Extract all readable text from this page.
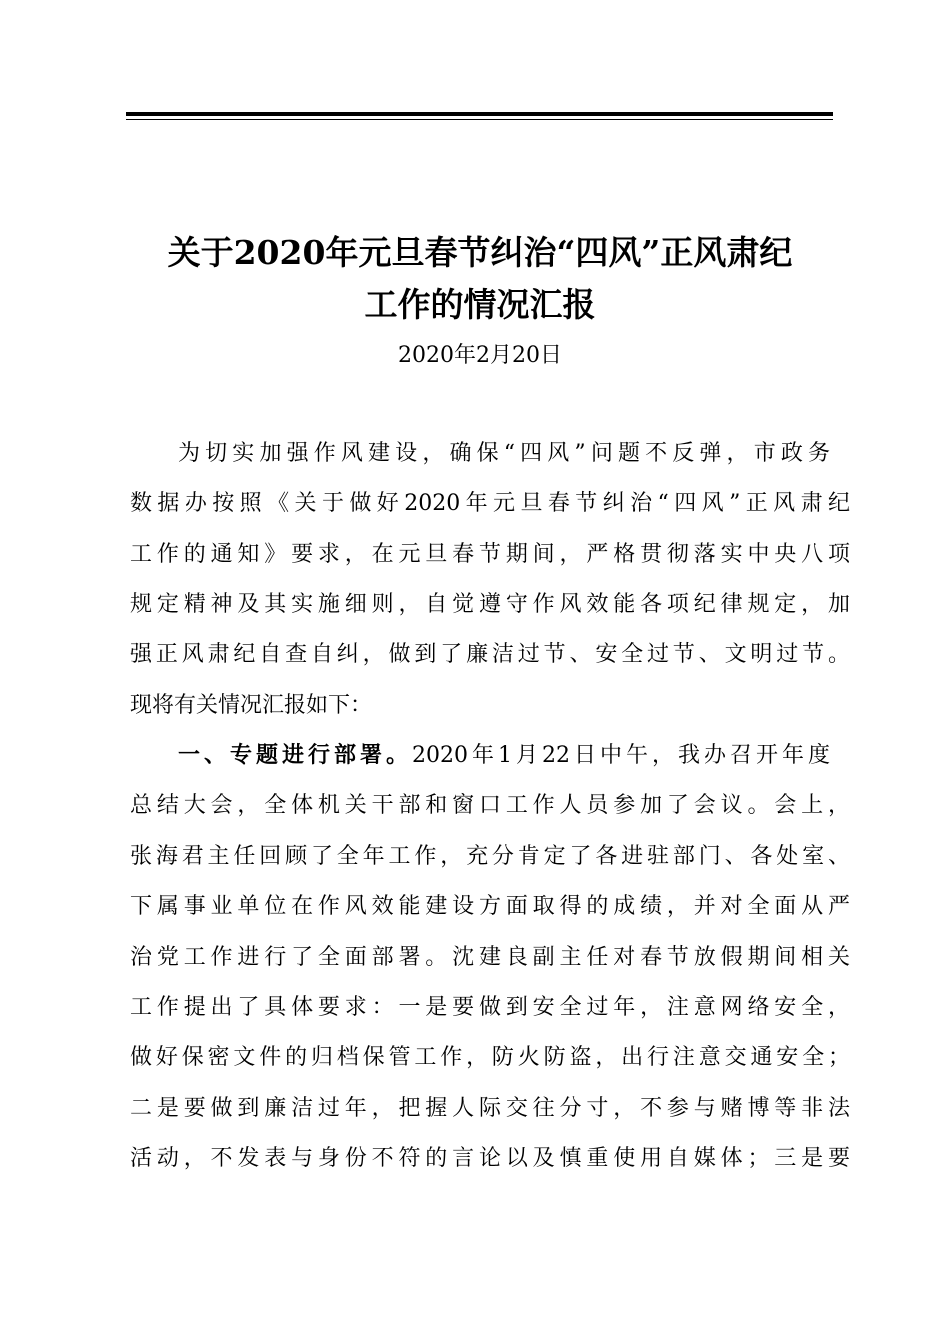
关于2020年元旦春节纠治“四风”正风肃纪
工作的情况汇报
2020年2月20日
为切实加强作风建设，确保“四风”问题不反弹，市政务
数据办按照《关于做好2020年元旦春节纠治“四风”正风肃纪
工作的通知》要求，在元旦春节期间，严格贯彻落实中央八项
规定精神及其实施细则，自觉遵守作风效能各项纪律规定，加
强正风肃纪自查自纠，做到了廉洁过节、安全过节、文明过节。
现将有关情况汇报如下：
一、专题进行部署。2020年1月22日中午，我办召开年度
总结大会，全体机关干部和窗口工作人员参加了会议。会上，
张海君主任回顾了全年工作，充分肯定了各进驻部门、各处室、
下属事业单位在作风效能建设方面取得的成绩，并对全面从严
治党工作进行了全面部署。沈建良副主任对春节放假期间相关
工作提出了具体要求：一是要做到安全过年，注意网络安全，
做好保密文件的归档保管工作，防火防盗，出行注意交通安全；
二是要做到廉洁过年，把握人际交往分寸，不参与赌博等非法
活动，不发表与身份不符的言论以及慎重使用自媒体；三是要
